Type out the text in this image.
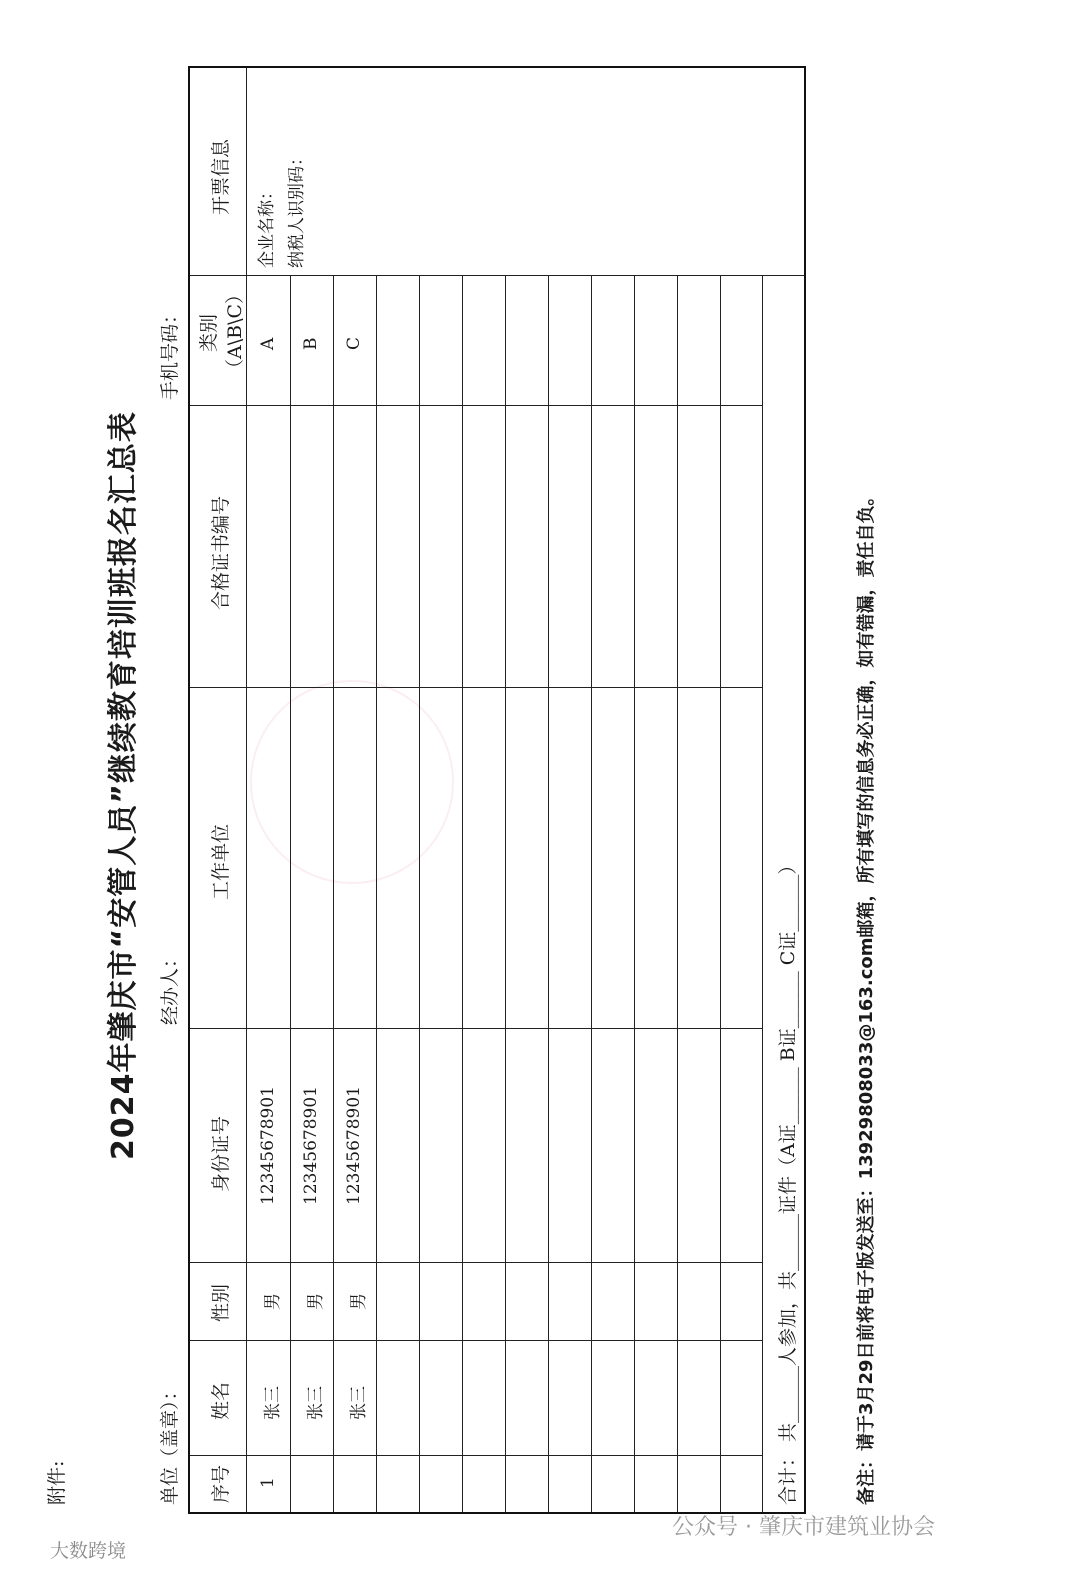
附件:
2024年肇庆市“安管人员”继续教育培训班报名汇总表
单位（盖章）：
经办人：
手机号码：
序号
姓名
性别
身份证号
工作单位
合格证书编号
类别（A\B\C）
开票信息
1
张三
男
12345678901
A
张三
男
12345678901
B
张三
男
12345678901
C
企业名称： 纳税人识别码：
合计： 共______人参加，共______证件（A证______ B证______ C证______）	备注：请于3月29日前将电子版发送至：13929808033@163.com邮箱，所有填写的信息务必正确，如有错漏，责任自负。
大数跨境
公众号 · 肇庆市建筑业协会
